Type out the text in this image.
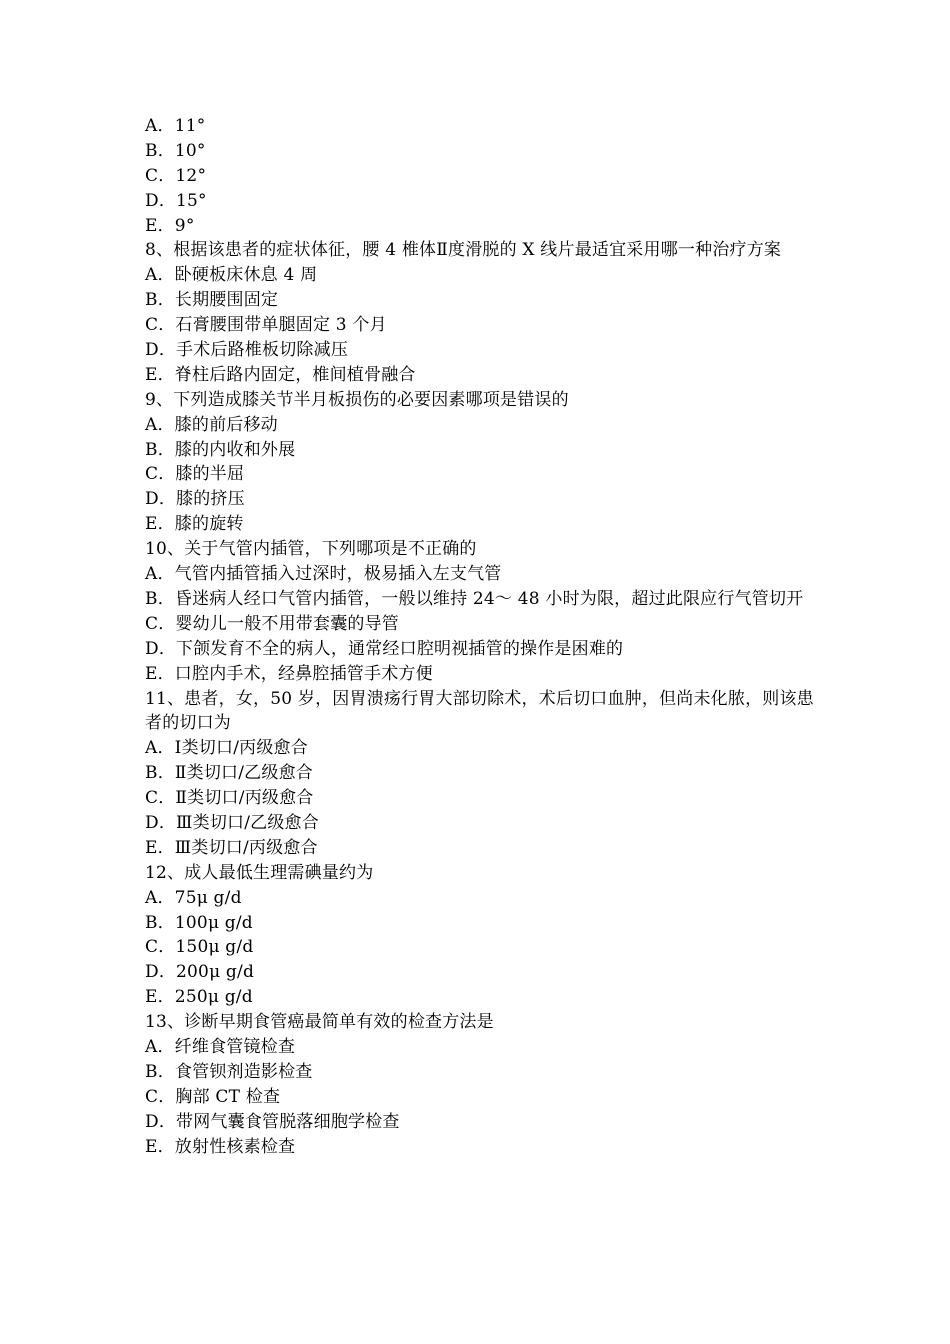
A．11°
B．10°
C．12°
D．15°
E．9°
8、根据该患者的症状体征，腰 4 椎体Ⅱ度滑脱的 X 线片最适宜采用哪一种治疗方案
A．卧硬板床休息 4 周
B．长期腰围固定
C．石膏腰围带单腿固定 3 个月
D．手术后路椎板切除减压
E．脊柱后路内固定，椎间植骨融合
9、下列造成膝关节半月板损伤的必要因素哪项是错误的
A．膝的前后移动
B．膝的内收和外展
C．膝的半屈
D．膝的挤压
E．膝的旋转
10、关于气管内插管，下列哪项是不正确的
A．气管内插管插入过深时，极易插入左支气管
B．昏迷病人经口气管内插管，一般以维持 24～ 48 小时为限，超过此限应行气管切开
C．婴幼儿一般不用带套囊的导管
D．下颌发育不全的病人，通常经口腔明视插管的操作是困难的
E．口腔内手术，经鼻腔插管手术方便
11、患者，女，50 岁，因胃溃疡行胃大部切除术，术后切口血肿，但尚未化脓，则该患者的切口为
A．Ⅰ类切口/丙级愈合
B．Ⅱ类切口/乙级愈合
C．Ⅱ类切口/丙级愈合
D．Ⅲ类切口/乙级愈合
E．Ⅲ类切口/丙级愈合
12、成人最低生理需碘量约为
A．75μ g/d
B．100μ g/d
C．150μ g/d
D．200μ g/d
E．250μ g/d
13、诊断早期食管癌最简单有效的检查方法是
A．纤维食管镜检查
B．食管钡剂造影检查
C．胸部 CT 检查
D．带网气囊食管脱落细胞学检查
E．放射性核素检查
